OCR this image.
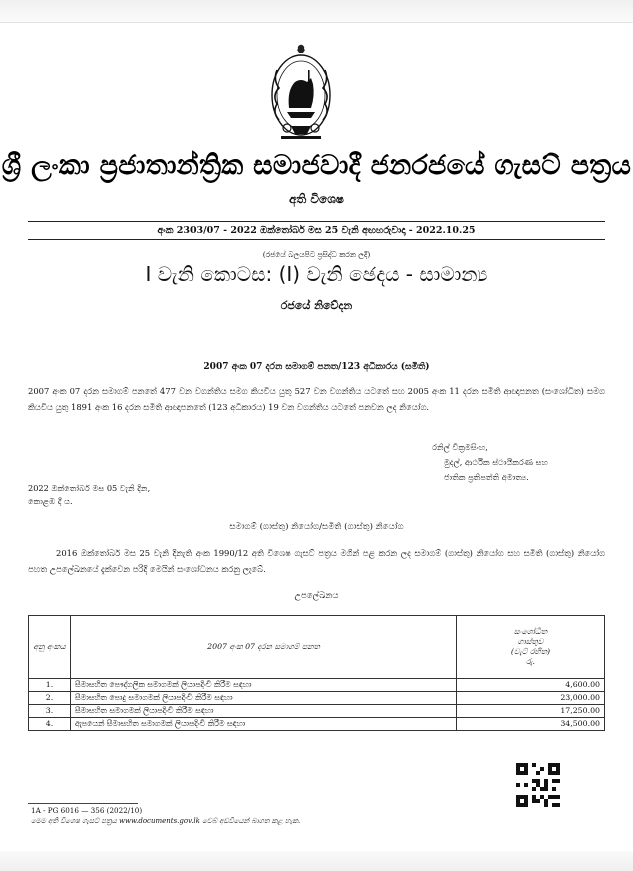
ශ්‍රී ලංකා ප්‍රජාතාන්ත්‍රික සමාජවාදී ජනරජයේ ගැසට් පත්‍රය
අති විශෙෂ
අංක 2303/07 - 2022 ඔක්තෝබර් මස 25 වැනි අඟහරුවාදා - 2022.10.25
(රජයේ බලයපිට ප්‍රසිද්ධ කරන ලදී)
I වැනි කොටස: (I) වැනි ඡෙදය - සාමාන්‍ය
රජයේ නිවේදන
2007 අංක 07 දරන සමාගම් පනත/123 අධිකාරය (සමිති)
2007 අංක 07 දරන සමාගම් පනතේ 477 වන වගන්තිය සමග කියවිය යුතු 527 වන වගන්තිය යටතේ සහ 2005 අංක 11 දරන සමිති ආඥාපනත (සංශෝධිත) සමග කියවිය යුතු 1891 අංක 16 දරන සමිති ආඥාපනතේ (123 අධිකාරය) 19 වන වගන්තිය යටතේ පනවන ලද නියෝග.
රනිල් වික්‍රමසිංහ,
මුදල්, ආර්ථික ස්ථායීකරණ සහ
ජාතික ප්‍රතිපත්ති අමාත්‍ය.
2022 ඔක්තෝබර් මස 05 වැනි දින,
කොළඹ දී ය.
සමාගම් (ගාස්තු) නියෝග/සමිති (ගාස්තු) නියෝග
2016 ඔක්තෝබර් මස 25 වැනි දිනැති අංක 1990/12 අති විශෙෂ ගැසට් පත්‍රය මගින් පළ කරන ලද සමාගම් (ගාස්තු) නියෝග සහ සමිති (ගාස්තු) නියෝග පහත උපලේඛනයේ දැක්වෙන පරිදි මෙයින් සංශෝධනය කරනු ලැබේ.
උපලේඛනය
අනු අංකය	2007 අංක 07 දරන සමාගම් පනත	සංශෝධිත
ගාස්තුව
(වැට් රහිත)
රු.

1.	සීමාසහිත පෞද්ගලික සමාගමක් ලියාපදිංචි කිරීම සඳහා	4,600.00
2.	සීමාසහිත පොදු සමාගමක් ලියාපදිංචි කිරීම සඳහා	23,000.00
3.	සීමාසහිත සමාගමක් ලියාපදිංචි කිරීම සඳහා	17,250.00
4.	ඇපයෙන් සීමාසහිත සමාගමක් ලියාපදිංචි කිරීම සඳහා	34,500.00
1A - PG 6016 — 356 (2022/10)
මෙම අති විශෙෂ ගැසට් පත්‍රය www.documents.gov.lk වෙබ් අඩවියෙන් බාගත කළ හැක.
